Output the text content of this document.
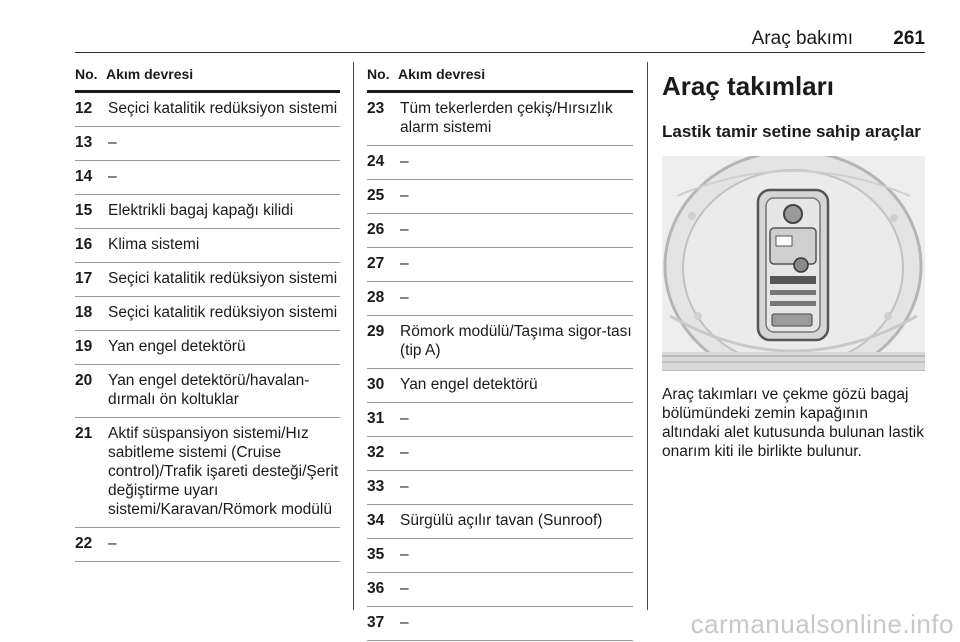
Araç bakımı 261
No. Akım devresi
12	Seçici katalitik redüksiyon sistemi
13	–
14	–
15	Elektrikli bagaj kapağı kilidi
16	Klima sistemi
17	Seçici katalitik redüksiyon sistemi
18	Seçici katalitik redüksiyon sistemi
19	Yan engel detektörü
20	Yan engel detektörü/havalan-dırmalı ön koltuklar
21	Aktif süspansiyon sistemi/Hız sabitleme sistemi (Cruise control)/Trafik işareti desteği/Şerit değiştirme uyarı sistemi/Karavan/Römork modülü
22	–
No. Akım devresi
23	Tüm tekerlerden çekiş/Hırsızlık alarm sistemi
24	–
25	–
26	–
27	–
28	–
29	Römork modülü/Taşıma sigor-tası (tip A)
30	Yan engel detektörü
31	–
32	–
33	–
34	Sürgülü açılır tavan (Sunroof)
35	–
36	–
37	–
Araç takımları
Lastik tamir setine sahip araçlar
Araç takımları ve çekme gözü bagaj bölümündeki zemin kapağının altındaki alet kutusunda bulunan lastik onarım kiti ile birlikte bulunur.
carmanualsonline.info
